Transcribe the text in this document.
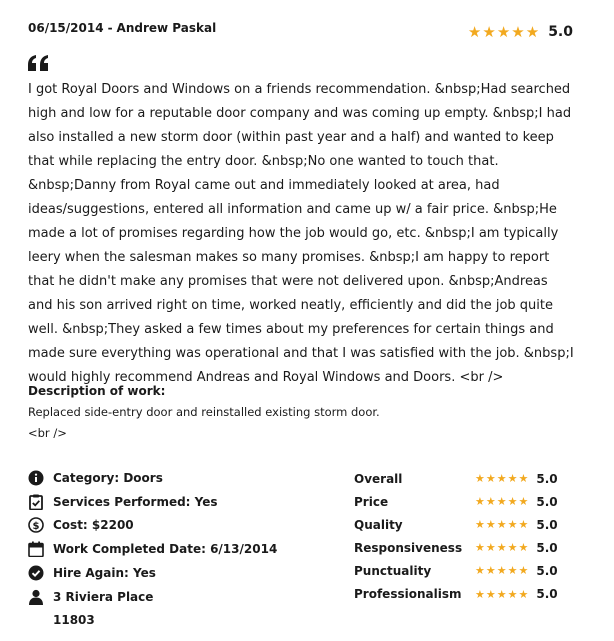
06/15/2014 - Andrew Paskal	★ ★ ★ ★ ★ 5.0

I got Royal Doors and Windows on a friends recommendation. &nbsp;Had searched high and low for a reputable door company and was coming up empty. &nbsp;I had also installed a new storm door (within past year and a half) and wanted to keep that while replacing the entry door. &nbsp;No one wanted to touch that. &nbsp;Danny from Royal came out and immediately looked at area, had ideas/suggestions, entered all information and came up w/ a fair price. &nbsp;He made a lot of promises regarding how the job would go, etc. &nbsp;I am typically leery when the salesman makes so many promises. &nbsp;I am happy to report that he didn't make any promises that were not delivered upon. &nbsp;Andreas and his son arrived right on time, worked neatly, efficiently and did the job quite well. &nbsp;They asked a few times about my preferences for certain things and made sure everything was operational and that I was satisfied with the job. &nbsp;I would highly recommend Andreas and Royal Windows and Doors. <br />

Description of work:

Replaced side-entry door and reinstalled existing storm door.
<br />

Category: Doors
Services Performed: Yes
$ Cost: $2200
Work Completed Date: 6/13/2014
Hire Again: Yes
3 Riviera Place
11803
Overall	★ ★ ★ ★ ★ 5.0
Price	★ ★ ★ ★ ★ 5.0
Quality	★ ★ ★ ★ ★ 5.0
Responsiveness	★ ★ ★ ★ ★ 5.0
Punctuality	★ ★ ★ ★ ★ 5.0
Professionalism	★ ★ ★ ★ ★ 5.0
